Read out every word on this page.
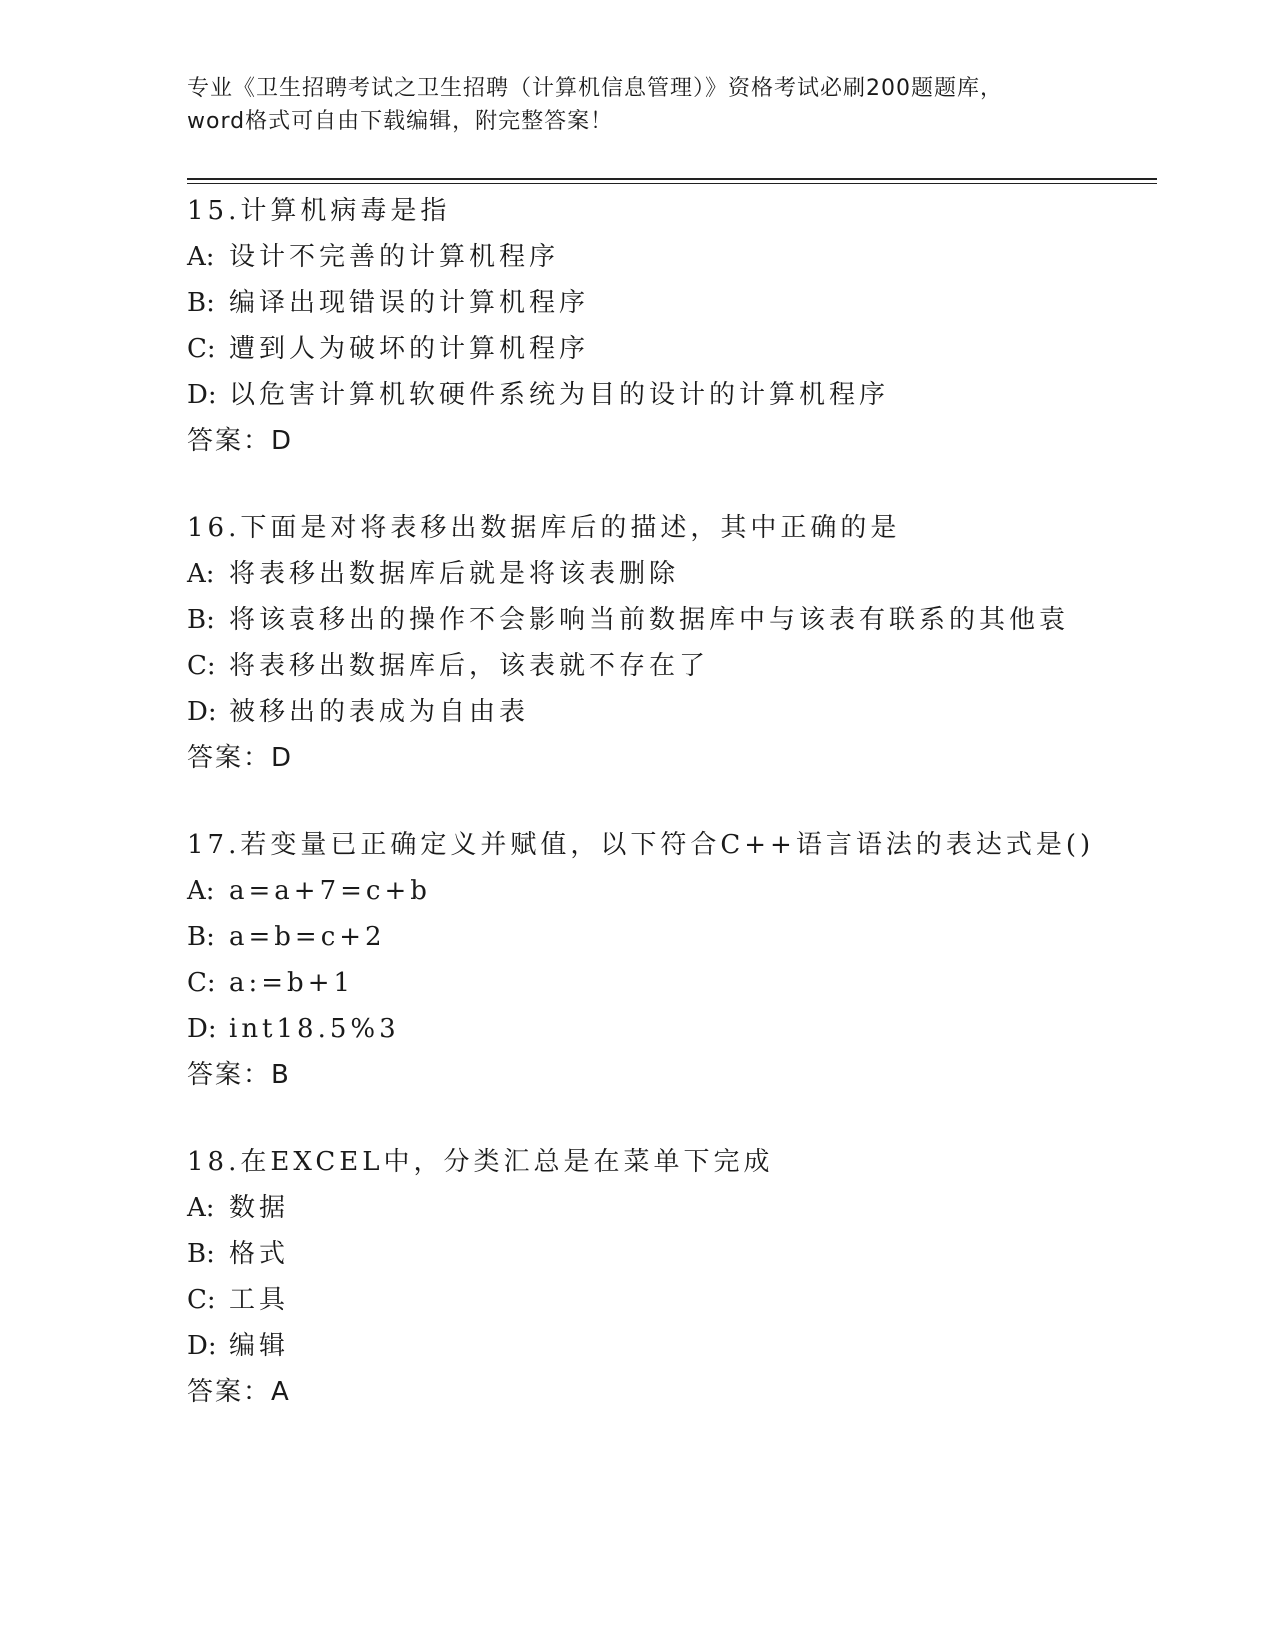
专业《卫生招聘考试之卫生招聘（计算机信息管理）》资格考试必刷200题题库，
word格式可自由下载编辑，附完整答案！
15.计算机病毒是指
A: 设计不完善的计算机程序
B: 编译出现错误的计算机程序
C: 遭到人为破坏的计算机程序
D: 以危害计算机软硬件系统为目的设计的计算机程序
答案：D
16.下面是对将表移出数据库后的描述，其中正确的是
A: 将表移出数据库后就是将该表删除
B: 将该袁移出的操作不会影响当前数据库中与该表有联系的其他袁
C: 将表移出数据库后，该表就不存在了
D: 被移出的表成为自由表
答案：D
17.若变量已正确定义并赋值，以下符合C++语言语法的表达式是()
A: a=a+7=c+b
B: a=b=c+2
C: a:=b+1
D: int18.5%3
答案：B
18.在EXCEL中，分类汇总是在菜单下完成
A: 数据
B: 格式
C: 工具
D: 编辑
答案：A
